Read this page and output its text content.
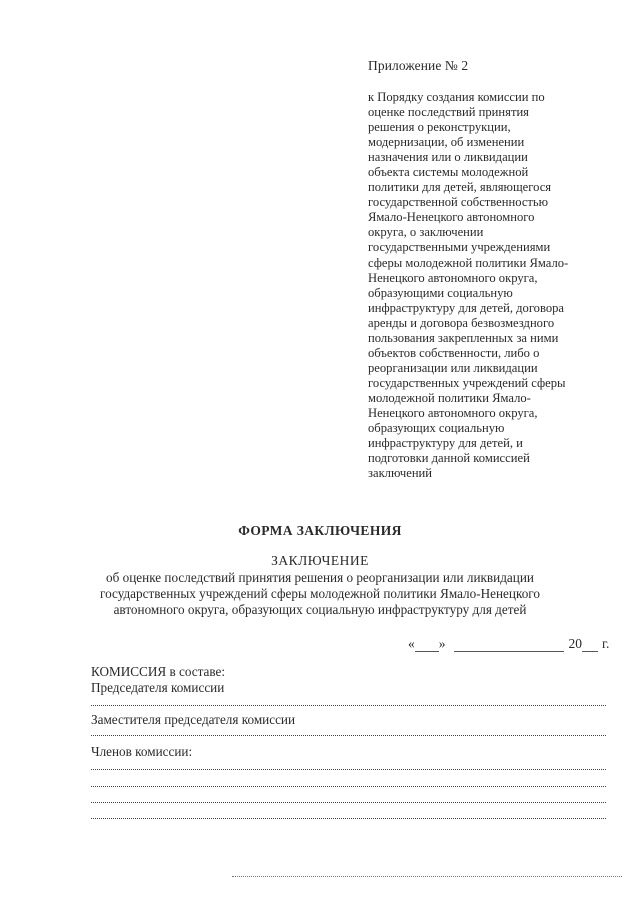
Приложение № 2
к Порядку создания комиссии по
оценке последствий принятия
решения о реконструкции,
модернизации, об изменении
назначения или о ликвидации
объекта системы молодежной
политики для детей, являющегося
государственной собственностью
Ямало-Ненецкого автономного
округа, о заключении
государственными учреждениями
сферы молодежной политики Ямало-
Ненецкого автономного округа,
образующими социальную
инфраструктуру для детей, договора
аренды и договора безвозмездного
пользования закрепленных за ними
объектов собственности, либо о
реорганизации или ликвидации
государственных учреждений сферы
молодежной политики Ямало-
Ненецкого автономного округа,
образующих социальную
инфраструктуру для детей, и
подготовки данной комиссией
заключений
ФОРМА ЗАКЛЮЧЕНИЯ
ЗАКЛЮЧЕНИЕ
об оценке последствий принятия решения о реорганизации или ликвидации
государственных учреждений сферы молодежной политики Ямало-Ненецкого
автономного округа, образующих социальную инфраструктуру для детей
« »	20 г.
КОМИССИЯ в составе:
Председателя комиссии
Заместителя председателя комиссии
Членов комиссии:
